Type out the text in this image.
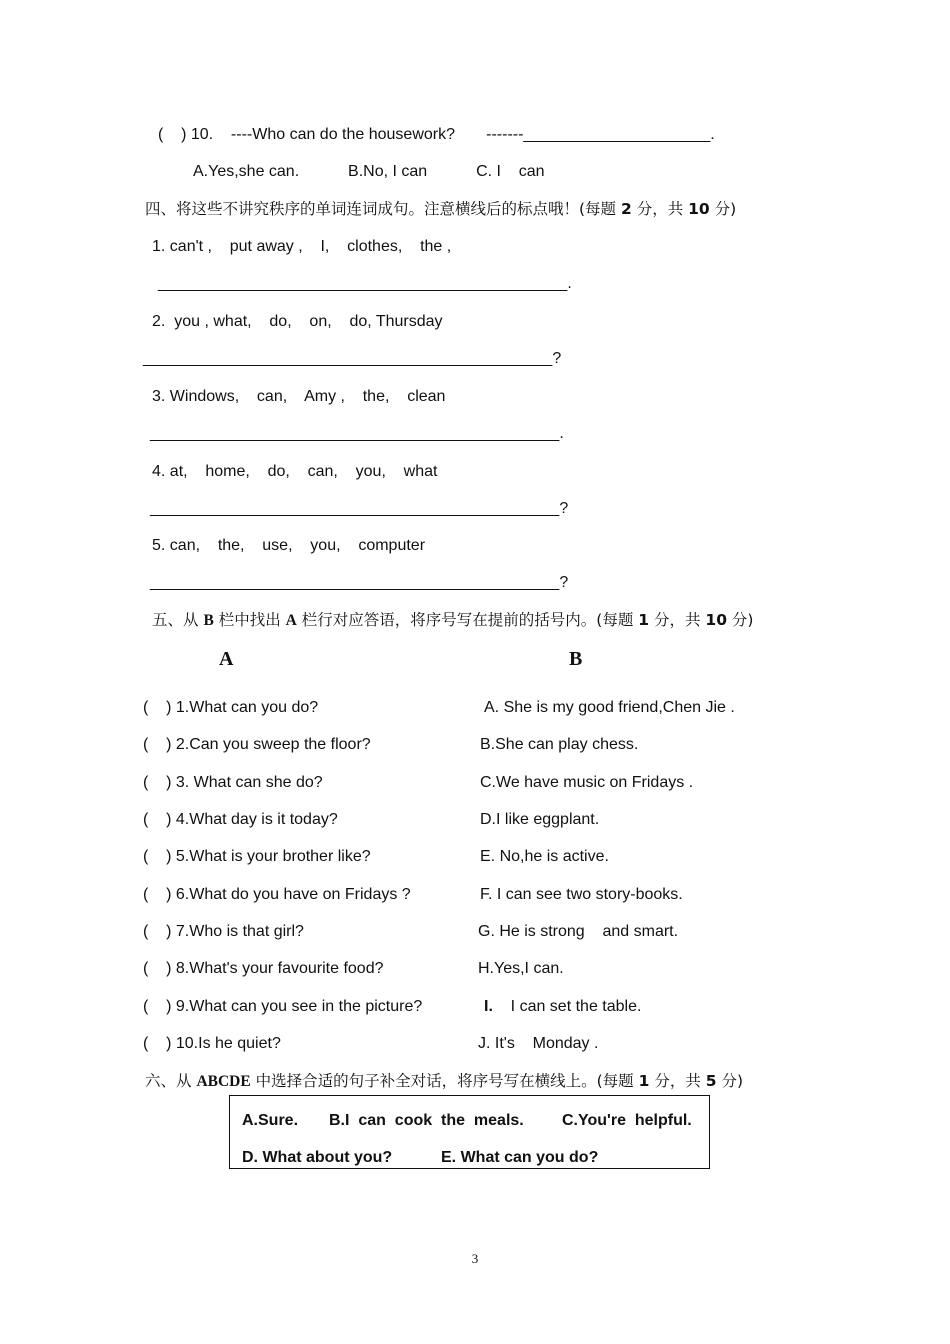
(    ) 10.    ----Who can do the housework?       -------_____________________.
A.Yes,she can.           B.No, I can           C. I    can
四、将这些不讲究秩序的单词连词成句。注意横线后的标点哦！(每题 2 分，共 10 分)
1. can't ,    put away ,    I,    clothes,    the ,
______________________________________________.
2.  you , what,    do,    on,    do, Thursday
______________________________________________?
3. Windows,    can,    Amy ,    the,    clean
______________________________________________.
4. at,    home,    do,    can,    you,    what
______________________________________________?
5. can,    the,    use,    you,    computer
______________________________________________?
五、从 B 栏中找出 A 栏行对应答语，将序号写在提前的括号内。(每题 1 分，共 10 分)
A	B
(    ) 1.What can you do?	A. She is my good friend,Chen Jie .
(    ) 2.Can you sweep the floor?	B.She can play chess.
(    ) 3. What can she do?	C.We have music on Fridays .
(    ) 4.What day is it today?	D.I like eggplant.
(    ) 5.What is your brother like?	E. No,he is active.
(    ) 6.What do you have on Fridays ?	F. I can see two story-books.
(    ) 7.Who is that girl?	G. He is strong    and smart.
(    ) 8.What's your favourite food?	H.Yes,I can.
(    ) 9.What can you see in the picture?	I.    I can set the table.
(    ) 10.Is he quiet?	J. It's    Monday .
六、从 ABCDE 中选择合适的句子补全对话，将序号写在横线上。(每题 1 分，共 5 分)
A.Sure. B.I  can  cook  the  meals. C.You're  helpful.
D. What about you?	E. What can you do?
3
